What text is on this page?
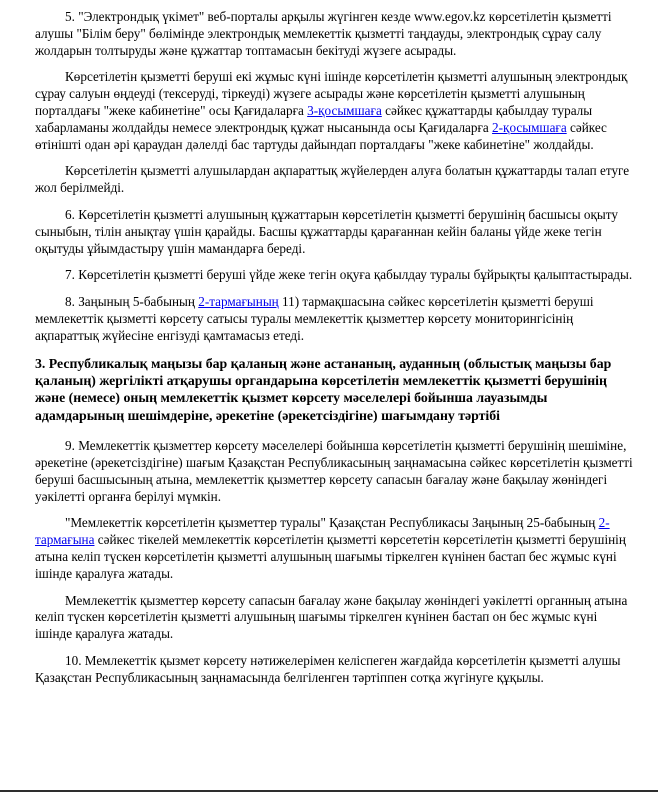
5. "Электрондық үкімет" веб-порталы арқылы жүгінген кезде www.egov.kz көрсетілетін қызметті алушы "Білім беру" бөлімінде электрондық мемлекеттік қызметті таңдауды, электрондық сұрау салу жолдарын толтыруды және құжаттар топтамасын бекітуді жүзеге асырады.

Көрсетілетін қызметті беруші екі жұмыс күні ішінде көрсетілетін қызметті алушының электрондық сұрау салуын өңдеуді (тексеруді, тіркеуді) жүзеге асырады және көрсетілетін қызметті алушының порталдағы "жеке кабинетіне" осы Қағидаларға 3-қосымшаға сәйкес құжаттарды қабылдау туралы хабарламаны жолдайды немесе электрондық құжат нысанында осы Қағидаларға 2-қосымшаға сәйкес өтінішті одан әрі қараудан дәлелді бас тартуды дайындап порталдағы "жеке кабинетіне" жолдайды.

Көрсетілетін қызметті алушылардан ақпараттық жүйелерден алуға болатын құжаттарды талап етуге жол берілмейді.

6. Көрсетілетін қызметті алушының құжаттарын көрсетілетін қызметті берушінің басшысы оқыту сыныбын, тілін анықтау үшін қарайды. Басшы құжаттарды қарағаннан кейін баланы үйде жеке тегін оқытуды ұйымдастыру үшін мамандарға береді.

7. Көрсетілетін қызметті беруші үйде жеке тегін оқуға қабылдау туралы бұйрықты қалыптастырады.

8. Заңының 5-бабының 2-тармағының 11) тармақшасына сәйкес көрсетілетін қызметті беруші мемлекеттік қызметті көрсету сатысы туралы мемлекеттік қызметтер көрсету мониторингісінің ақпараттық жүйесіне енгізуді қамтамасыз етеді.

3. Республикалық маңызы бар қаланың және астананың, ауданның (облыстық маңызы бар қаланың) жергілікті атқарушы органдарына көрсетілетін мемлекеттік қызметті берушінің және (немесе) оның мемлекеттік қызмет көрсету мәселелері бойынша лауазымды адамдарының шешімдеріне, әрекетіне (әрекетсіздігіне) шағымдану тәртібі

9. Мемлекеттік қызметтер көрсету мәселелері бойынша көрсетілетін қызметті берушінің шешіміне, әрекетіне (әрекетсіздігіне) шағым Қазақстан Республикасының заңнамасына сәйкес көрсетілетін қызметті беруші басшысының атына, мемлекеттік қызметтер көрсету сапасын бағалау және бақылау жөніндегі уәкілетті органға берілуі мүмкін.

"Мемлекеттік көрсетілетін қызметтер туралы" Қазақстан Республикасы Заңының 25-бабының 2-тармағына сәйкес тікелей мемлекеттік көрсетілетін қызметті көрсететін көрсетілетін қызметті берушінің атына келіп түскен көрсетілетін қызметті алушының шағымы тіркелген күнінен бастап бес жұмыс күні ішінде қаралуға жатады.

Мемлекеттік қызметтер көрсету сапасын бағалау және бақылау жөніндегі уәкілетті органның атына келіп түскен көрсетілетін қызметті алушының шағымы тіркелген күнінен бастап он бес жұмыс күні ішінде қаралуға жатады.

10. Мемлекеттік қызмет көрсету нәтижелерімен келіспеген жағдайда көрсетілетін қызметті алушы Қазақстан Республикасының заңнамасында белгіленген тәртіппен сотқа жүгінуге құқылы.
